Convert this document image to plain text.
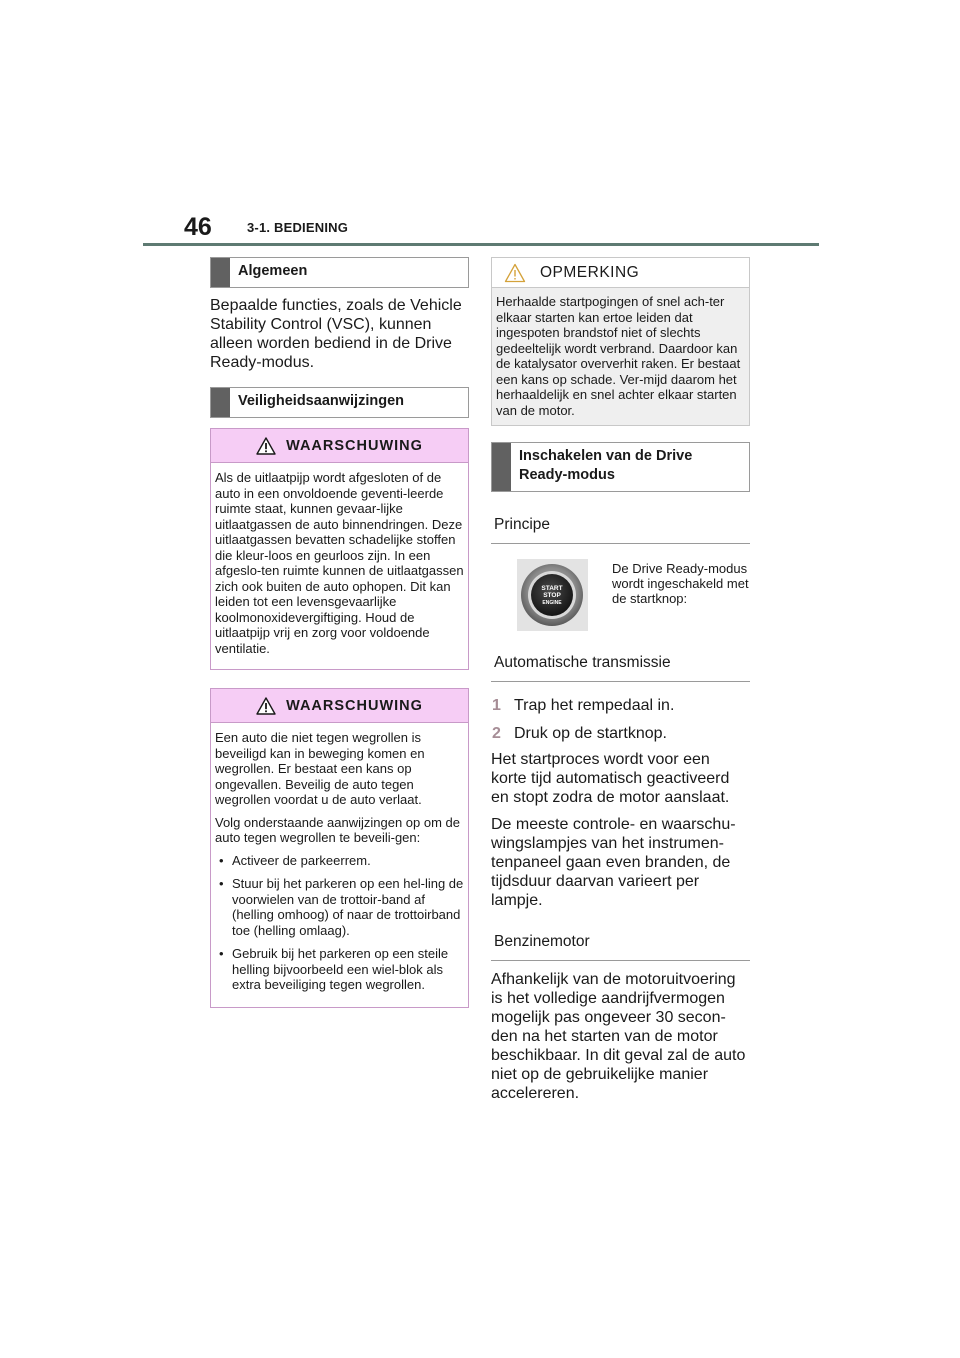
46	3-1. BEDIENING
Algemeen

Bepaalde functies, zoals de Vehicle Stability Control (VSC), kunnen alleen worden bediend in de Drive Ready-modus.

Veiligheidsaanwijzingen
WAARSCHUWING

Als de uitlaatpijp wordt afgesloten of de auto in een onvoldoende geventi-leerde ruimte staat, kunnen gevaar-lijke uitlaatgassen de auto binnendringen. Deze uitlaatgassen bevatten schadelijke stoffen die kleur-loos en geurloos zijn. In een afgeslo-ten ruimte kunnen de uitlaatgassen zich ook buiten de auto ophopen. Dit kan leiden tot een levensgevaarlijke koolmonoxidevergiftiging. Houd de uitlaatpijp vrij en zorg voor voldoende ventilatie.

WAARSCHUWING

Een auto die niet tegen wegrollen is beveiligd kan in beweging komen en wegrollen. Er bestaat een kans op ongevallen. Beveilig de auto tegen wegrollen voordat u de auto verlaat.

Volg onderstaande aanwijzingen op om de auto tegen wegrollen te beveili-gen:

• Activeer de parkeerrem.
• Stuur bij het parkeren op een hel-ling de voorwielen van de trottoir-band af (helling omhoog) of naar de trottoirband toe (helling omlaag).
• Gebruik bij het parkeren op een steile helling bijvoorbeeld een wiel-blok als extra beveiliging tegen wegrollen.
OPMERKING
Herhaalde startpogingen of snel ach-ter elkaar starten kan ertoe leiden dat ingespoten brandstof niet of slechts gedeeltelijk wordt verbrand. Daardoor kan de katalysator oververhit raken. Er bestaat een kans op schade. Ver-mijd daarom het herhaaldelijk en snel achter elkaar starten van de motor.
Inschakelen van de Drive Ready-modus
Principe
START
STOP
ENGINE
De Drive Ready-modus wordt ingeschakeld met de startknop:
Automatische transmissie
1 Trap het rempedaal in.
2 Druk op de startknop.

Het startproces wordt voor een korte tijd automatisch geactiveerd en stopt zodra de motor aanslaat.

De meeste controle- en waarschu-wingslampjes van het instrumen-tenpaneel gaan even branden, de tijdsduur daarvan varieert per lampje.

Benzinemotor

Afhankelijk van de motoruitvoering is het volledige aandrijfvermogen mogelijk pas ongeveer 30 secon-den na het starten van de motor beschikbaar. In dit geval zal de auto niet op de gebruikelijke manier accelereren.
